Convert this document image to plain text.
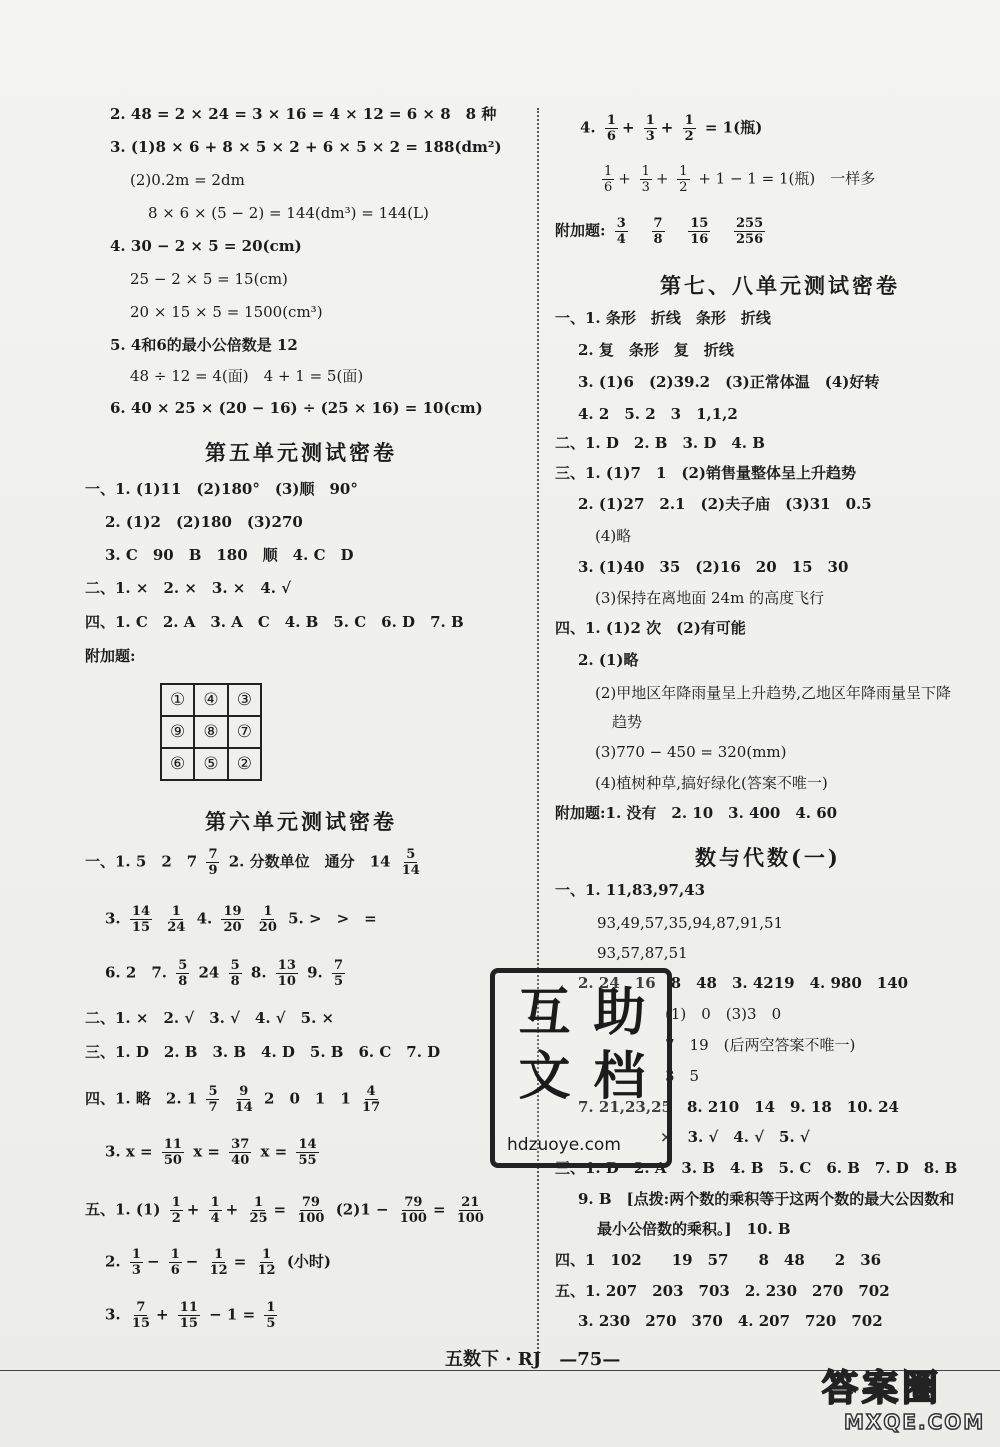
2. 48 = 2 × 24 = 3 × 16 = 4 × 12 = 6 × 8　8 种
3. (1)8 × 6 + 8 × 5 × 2 + 6 × 5 × 2 = 188(dm²)
(2)0.2m = 2dm
8 × 6 × (5 − 2) = 144(dm³) = 144(L)
4. 30 − 2 × 5 = 20(cm)
25 − 2 × 5 = 15(cm)
20 × 15 × 5 = 1500(cm³)
5. 4和6的最小公倍数是 12
48 ÷ 12 = 4(面)　4 + 1 = 5(面)
6. 40 × 25 × (20 − 16) ÷ (25 × 16) = 10(cm)
第五单元测试密卷
一、1. (1)11　(2)180°　(3)顺　90°
2. (1)2　(2)180　(3)270
3. C　90　B　180　顺　4. C　D
二、1. ×　2. ×　3. ×　4. √
四、1. C　2. A　3. A　C　4. B　5. C　6. D　7. B
附加题:
①	④	③
⑨	⑧	⑦
⑥	⑤	②
第六单元测试密卷
一、1. 5　2　$7 \frac{7}{9} 2$. 分数单位　通分　$14 \frac{5}{14}$
3. $\frac{14}{15}$
$\frac{1}{24} 4$. $\frac{19}{20}$
$\frac{1}{20} 5$. >　>　=
6. 2　7. $\frac{5}{8} 24 \frac{5}{8} 8$. $\frac{13}{10} 9$. $\frac{7}{5}$
二、1. ×　2. √　3. √　4. √　5. ×
三、1. D　2. B　3. B　4. D　5. B　6. C　7. D
四、1. 略　2. $1 \frac{5}{7}$
$\frac{9}{14} 2$　0　1　$1 \frac{4}{17}$
3. $x = \frac{11}{50}$ $x = \frac{37}{40}$ $x = \frac{14}{55}$
五、1. $(1) \frac{1}{2} + \frac{1}{4} + \frac{1}{25} = \frac{79}{100} (2)1 - \frac{79}{100} = \frac{21}{100}$
2. $\frac{1}{3} - \frac{1}{6} - \frac{1}{12} = \frac{1}{12}$ (小时)
3. $\frac{7}{15} + \frac{11}{15} - 1 = \frac{1}{5}$
4. $\frac{1}{6} + \frac{1}{3} + \frac{1}{2} = 1$(瓶)
$\frac{1}{6} + \frac{1}{3} + \frac{1}{2} + 1 - 1 = 1$(瓶)　一样多
附加题: $\frac{3}{4}$
$\frac{7}{8}$
$\frac{15}{16}$
$\frac{255}{256}$
第七、八单元测试密卷
一、1. 条形　折线　条形　折线
2. 复　条形　复　折线
3. (1)6　(2)39.2　(3)正常体温　(4)好转
4. 2　5. 2　3　1,1,2
二、1. D　2. B　3. D　4. B
三、1. (1)7　1　(2)销售量整体呈上升趋势
2. (1)27　2.1　(2)夫子庙　(3)31　0.5
(4)略
3. (1)40　35　(2)16　20　15　30
(3)保持在离地面 24m 的高度飞行
四、1. (1)2 次　(2)有可能
2. (1)略
(2)甲地区年降雨量呈上升趋势,乙地区年降雨量呈下降
趋势
(3)770 − 450 = 320(mm)
(4)植树种草,搞好绿化(答案不唯一)
附加题:1. 没有　2. 10　3. 400　4. 60
数与代数(一)
一、1. 11,83,97,43
93,49,57,35,94,87,91,51
93,57,87,51
2. 24　16　8　48　3. 4219　4. 980　140
(1)　0　(3)3　0
7　19　(后两空答案不唯一)
3　5
7. 21,23,25　8. 210　14　9. 18　10. 24
×　3. √　4. √　5. √
三、1. D　2. A　3. B　4. B　5. C　6. B　7. D　8. B
9. B　[点拨:两个数的乘积等于这两个数的最大公因数和
最小公倍数的乘积。]　10. B
四、1　102　　19　57　　8　48　　2　36
五、1. 207　203　703　2. 230　270　702
3. 230　270　370　4. 207　720　702
互 助
文 档
hdzuoye.com
五数下 · RJ　—75—
答案圈
MXQE.COM
